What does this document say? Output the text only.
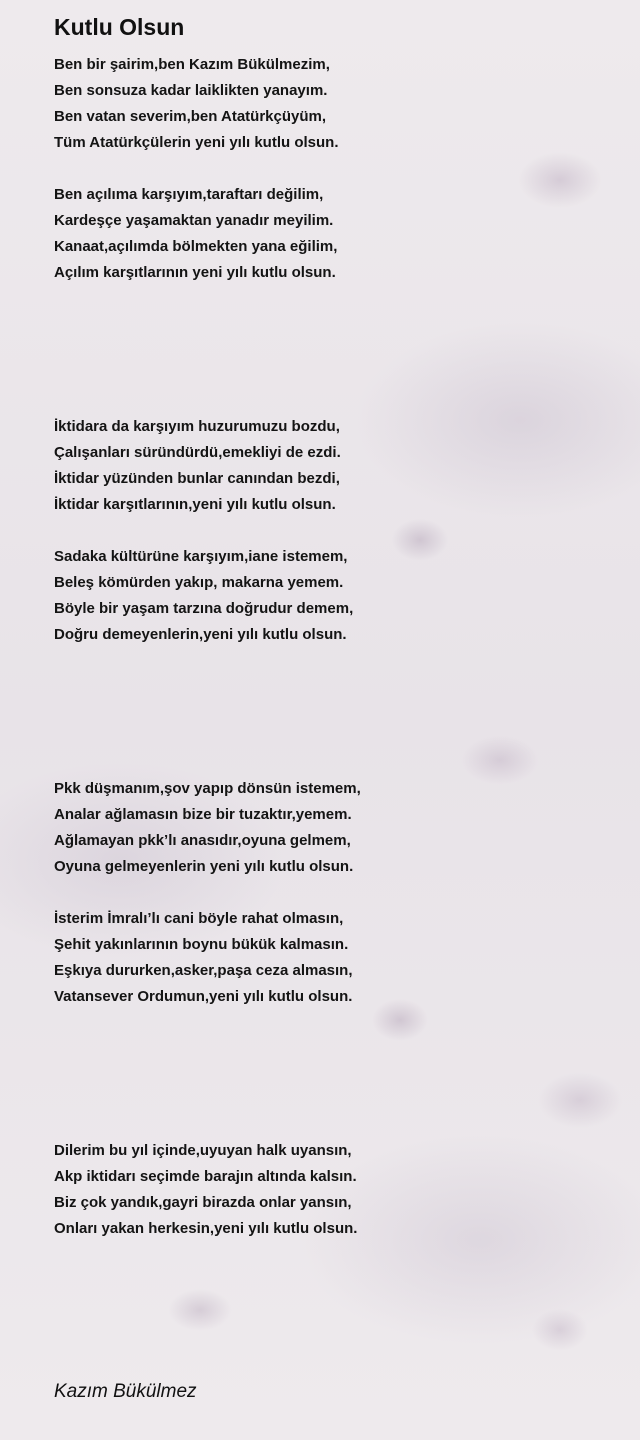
Kutlu Olsun
Ben bir şairim,ben Kazım Bükülmezim,
Ben sonsuza kadar laiklikten yanayım.
Ben vatan severim,ben Atatürkçüyüm,
Tüm Atatürkçülerin yeni yılı kutlu olsun.
Ben açılıma karşıyım,taraftarı değilim,
Kardeşçe yaşamaktan yanadır meyilim.
Kanaat,açılımda bölmekten yana eğilim,
Açılım karşıtlarının yeni yılı kutlu olsun.
İktidara da karşıyım huzurumuzu bozdu,
Çalışanları süründürdü,emekliyi de ezdi.
İktidar yüzünden bunlar canından bezdi,
İktidar karşıtlarının,yeni yılı kutlu olsun.
Sadaka kültürüne karşıyım,iane istemem,
Beleş kömürden yakıp, makarna yemem.
Böyle bir yaşam tarzına doğrudur demem,
Doğru demeyenlerin,yeni yılı kutlu olsun.
Pkk düşmanım,şov yapıp dönsün istemem,
Analar ağlamasın bize bir tuzaktır,yemem.
Ağlamayan pkk’lı anasıdır,oyuna gelmem,
Oyuna gelmeyenlerin yeni yılı kutlu olsun.
İsterim İmralı’lı cani böyle rahat olmasın,
Şehit yakınlarının boynu bükük kalmasın.
Eşkıya dururken,asker,paşa ceza almasın,
Vatansever Ordumun,yeni yılı kutlu olsun.
Dilerim bu yıl içinde,uyuyan halk uyansın,
Akp iktidarı seçimde barajın altında kalsın.
Biz çok yandık,gayri birazda onlar yansın,
Onları yakan herkesin,yeni yılı kutlu olsun.
Kazım Bükülmez
